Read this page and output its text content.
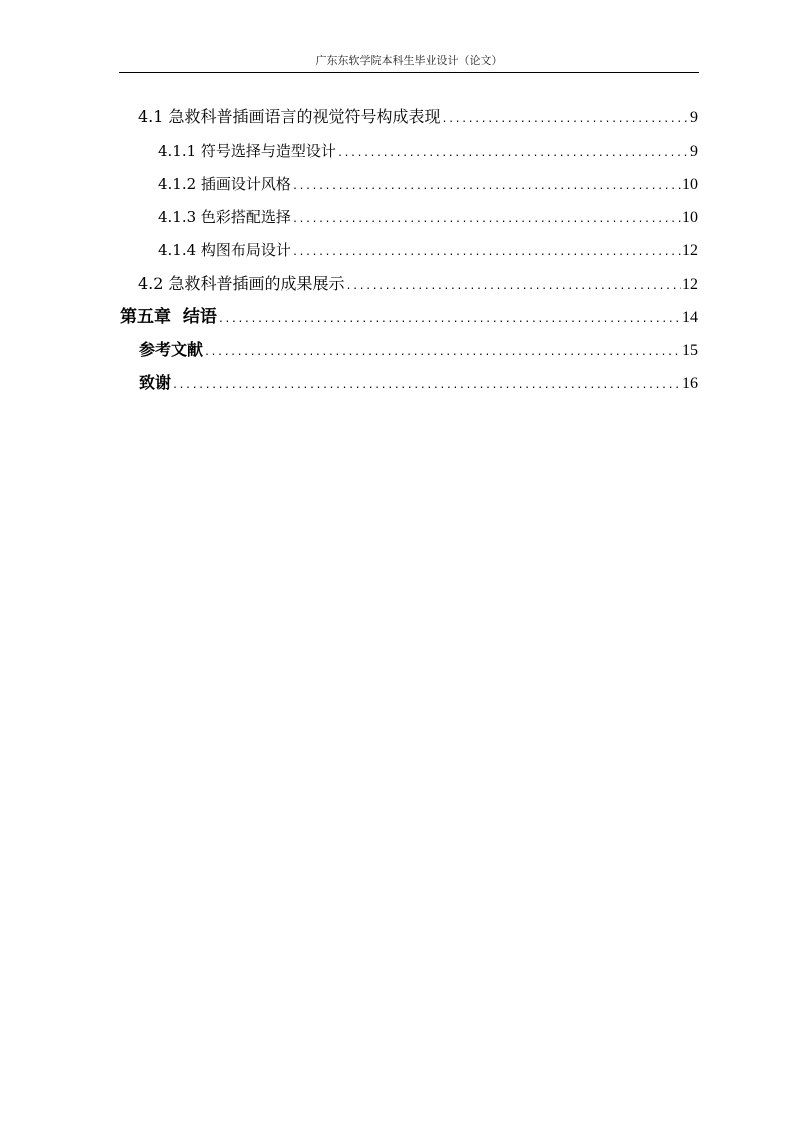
广东东软学院本科生毕业设计（论文）
4.1 急救科普插画语言的视觉符号构成表现 .....	9
4.1.1 符号选择与造型设计 .....	9
4.1.2 插画设计风格 .....	10
4.1.3 色彩搭配选择 .....	10
4.1.4 构图布局设计 .....	12
4.2 急救科普插画的成果展示 .....	12
第五章  结语 .....	14
参考文献 .....	15
致谢 .....	16
